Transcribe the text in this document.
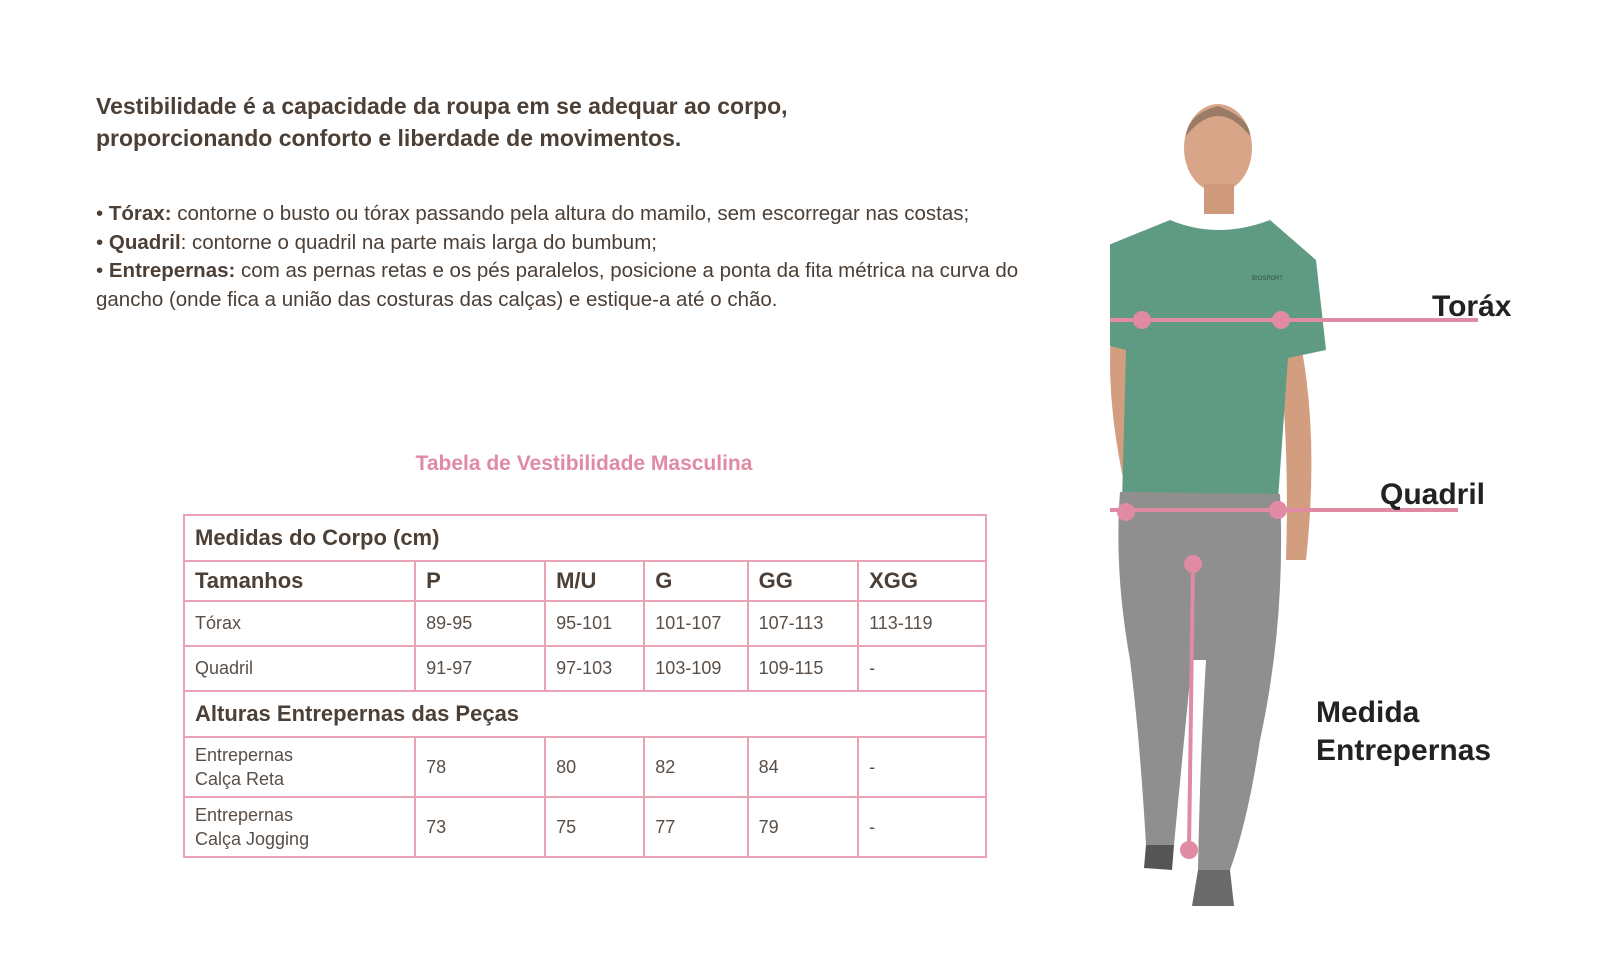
Vestibilidade é a capacidade da roupa em se adequar ao corpo,
proporcionando conforto e liberdade de movimentos.

• Tórax: contorne o busto ou tórax passando pela altura do mamilo, sem escorregar nas costas;

• Quadril: contorne o quadril na parte mais larga do bumbum;

• Entrepernas: com as pernas retas e os pés paralelos, posicione a ponta da fita métrica na curva do gancho (onde fica a união das costuras das calças) e estique-a até o chão.

Tabela de Vestibilidade Masculina
Medidas do Corpo (cm)					
Tamanhos	P	M/U	G	GG	XGG
Tórax	89-95	95-101	101-107	107-113	113-119
Quadril	91-97	97-103	103-109	109-115	-
Alturas Entrepernas das Peças					
Entrepernas
Calça Reta	78	80	82	84	-
Entrepernas
Calça Jogging	73	75	77	79	-
BIOSPORT
Toráx
Quadril
Medida
Entrepernas
